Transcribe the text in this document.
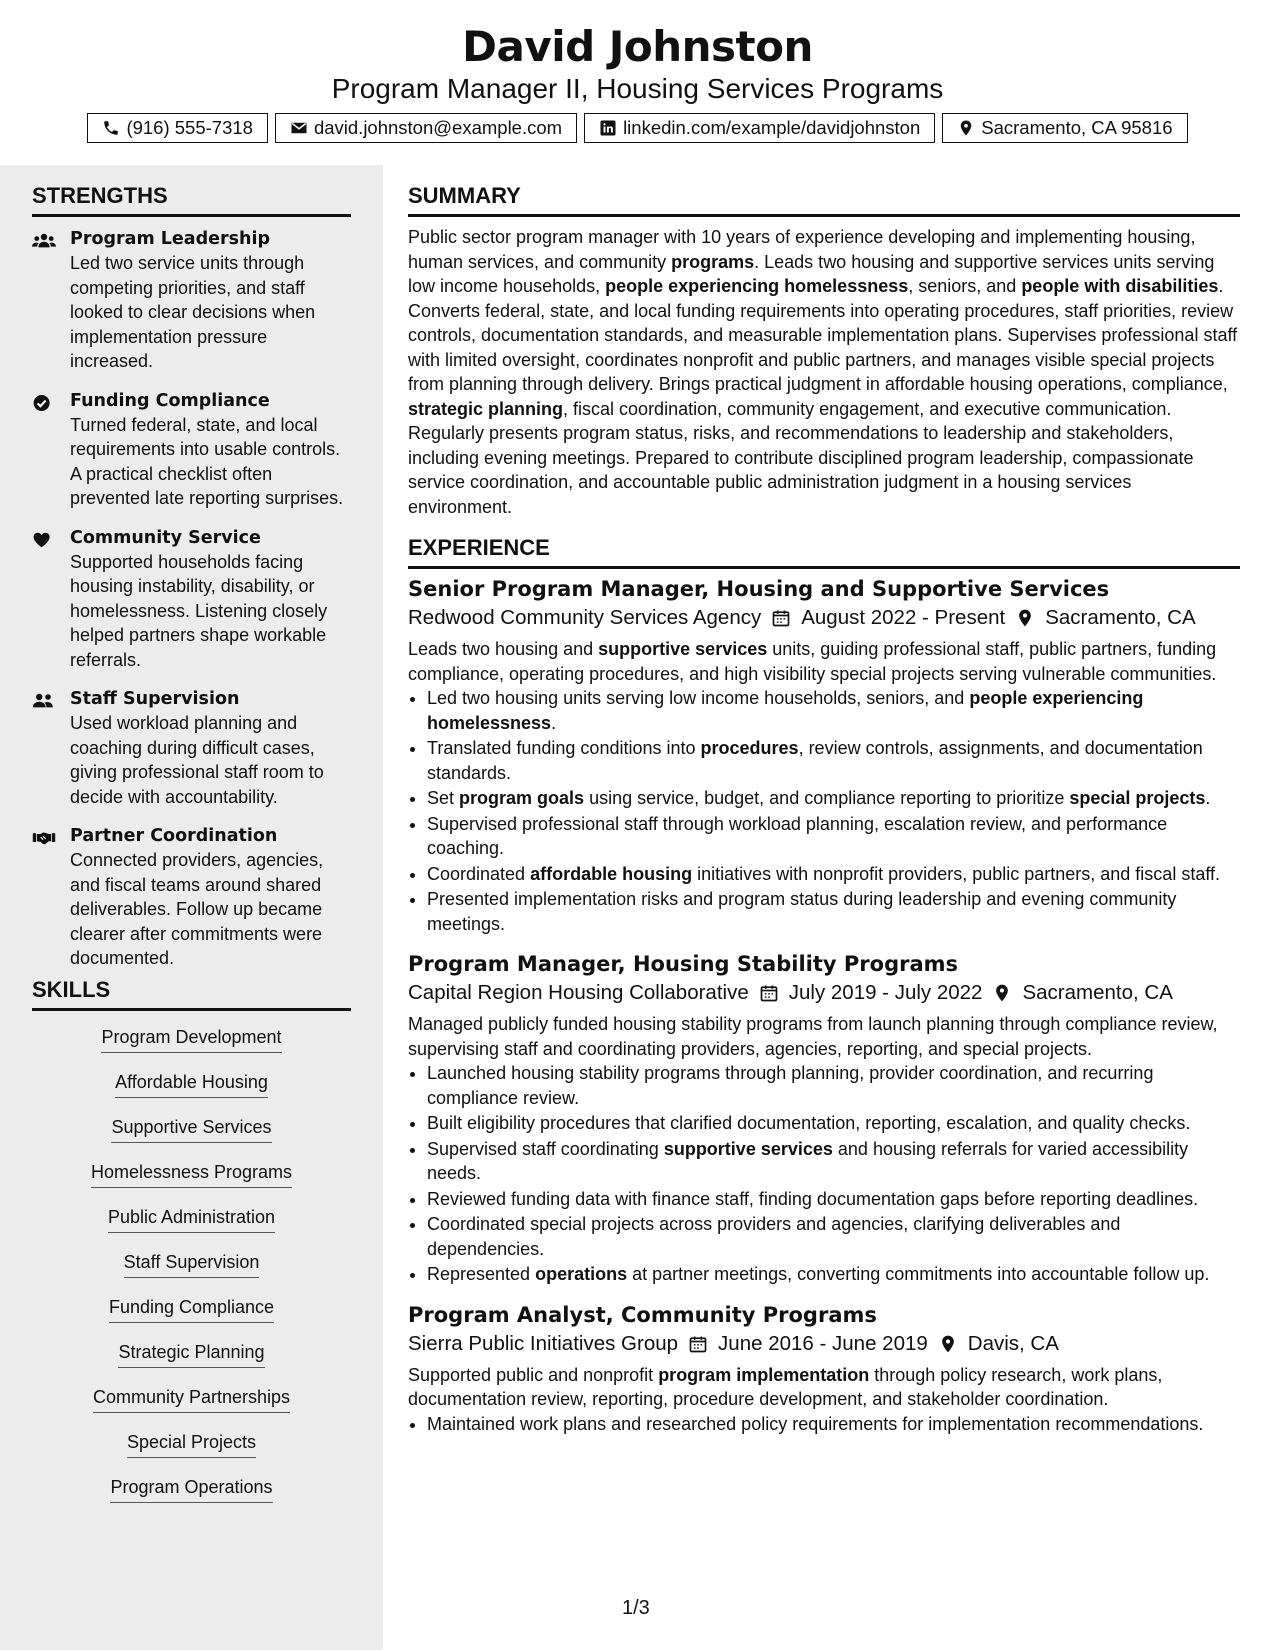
David Johnston
Program Manager II, Housing Services Programs
(916) 555-7318	david.johnston@example.com	linkedin.com/example/davidjohnston	Sacramento, CA 95816
STRENGTHS
Program Leadership
Led two service units through competing priorities, and staff looked to clear decisions when implementation pressure increased.
Funding Compliance
Turned federal, state, and local requirements into usable controls. A practical checklist often prevented late reporting surprises.
Community Service
Supported households facing housing instability, disability, or homelessness. Listening closely helped partners shape workable referrals.
Staff Supervision
Used workload planning and coaching during difficult cases, giving professional staff room to decide with accountability.
Partner Coordination
Connected providers, agencies, and fiscal teams around shared deliverables. Follow up became clearer after commitments were documented.
SKILLS
Program Development
Affordable Housing
Supportive Services
Homelessness Programs
Public Administration
Staff Supervision
Funding Compliance
Strategic Planning
Community Partnerships
Special Projects
Program Operations
SUMMARY

Public sector program manager with 10 years of experience developing and implementing housing, human services, and community programs. Leads two housing and supportive services units serving low income households, people experiencing homelessness, seniors, and people with disabilities. Converts federal, state, and local funding requirements into operating procedures, staff priorities, review controls, documentation standards, and measurable implementation plans. Supervises professional staff with limited oversight, coordinates nonprofit and public partners, and manages visible special projects from planning through delivery. Brings practical judgment in affordable housing operations, compliance, strategic planning, fiscal coordination, community engagement, and executive communication. Regularly presents program status, risks, and recommendations to leadership and stakeholders, including evening meetings. Prepared to contribute disciplined program leadership, compassionate service coordination, and accountable public administration judgment in a housing services environment.

EXPERIENCE
Senior Program Manager, Housing and Supportive Services
Redwood Community Services Agency August 2022 - Present Sacramento, CA

Leads two housing and supportive services units, guiding professional staff, public partners, funding compliance, operating procedures, and high visibility special projects serving vulnerable communities.

• Led two housing units serving low income households, seniors, and people experiencing homelessness.
• Translated funding conditions into procedures, review controls, assignments, and documentation standards.
• Set program goals using service, budget, and compliance reporting to prioritize special projects.
• Supervised professional staff through workload planning, escalation review, and performance coaching.
• Coordinated affordable housing initiatives with nonprofit providers, public partners, and fiscal staff.
• Presented implementation risks and program status during leadership and evening community meetings.
Program Manager, Housing Stability Programs
Capital Region Housing Collaborative July 2019 - July 2022 Sacramento, CA

Managed publicly funded housing stability programs from launch planning through compliance review, supervising staff and coordinating providers, agencies, reporting, and special projects.

• Launched housing stability programs through planning, provider coordination, and recurring compliance review.
• Built eligibility procedures that clarified documentation, reporting, escalation, and quality checks.
• Supervised staff coordinating supportive services and housing referrals for varied accessibility needs.
• Reviewed funding data with finance staff, finding documentation gaps before reporting deadlines.
• Coordinated special projects across providers and agencies, clarifying deliverables and dependencies.
• Represented operations at partner meetings, converting commitments into accountable follow up.
Program Analyst, Community Programs
Sierra Public Initiatives Group June 2016 - June 2019 Davis, CA

Supported public and nonprofit program implementation through policy research, work plans, documentation review, reporting, procedure development, and stakeholder coordination.

• Maintained work plans and researched policy requirements for implementation recommendations.
1/3
